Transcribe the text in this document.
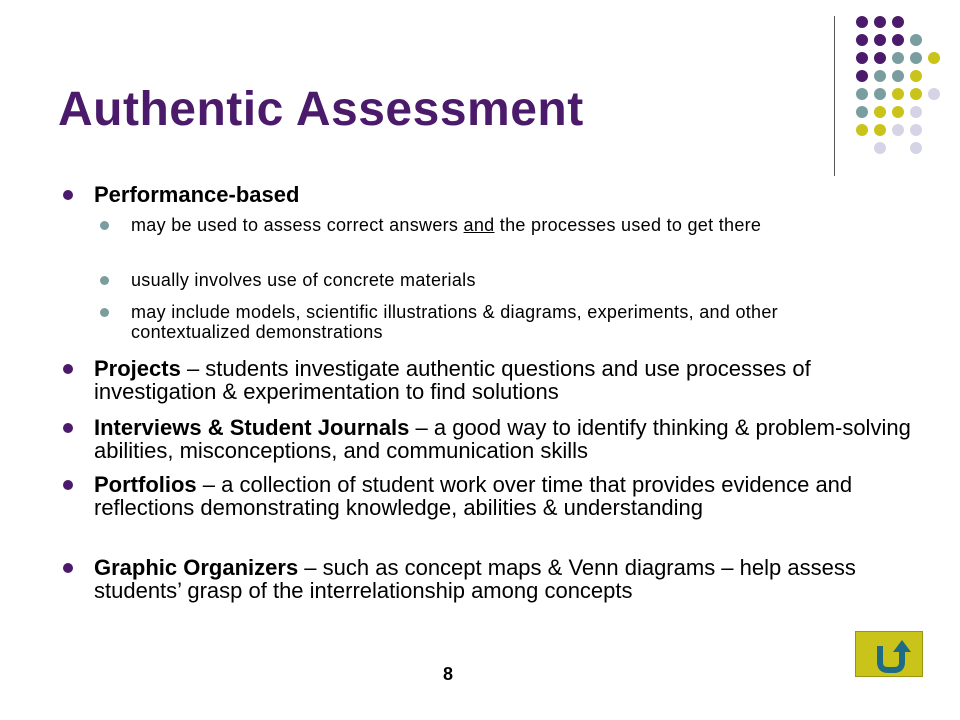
Authentic Assessment
Performance-based
may be used to assess correct answers and the processes used to get there
usually involves use of concrete materials
may include models, scientific illustrations & diagrams, experiments, and other contextualized demonstrations
Projects – students investigate authentic questions and use processes of investigation & experimentation to find solutions
Interviews & Student Journals – a good way to identify thinking & problem-solving abilities, misconceptions, and communication skills
Portfolios – a collection of student work over time that provides evidence and reflections demonstrating knowledge, abilities & understanding
Graphic Organizers – such as concept maps & Venn diagrams – help assess students’ grasp of the interrelationship among concepts
8
